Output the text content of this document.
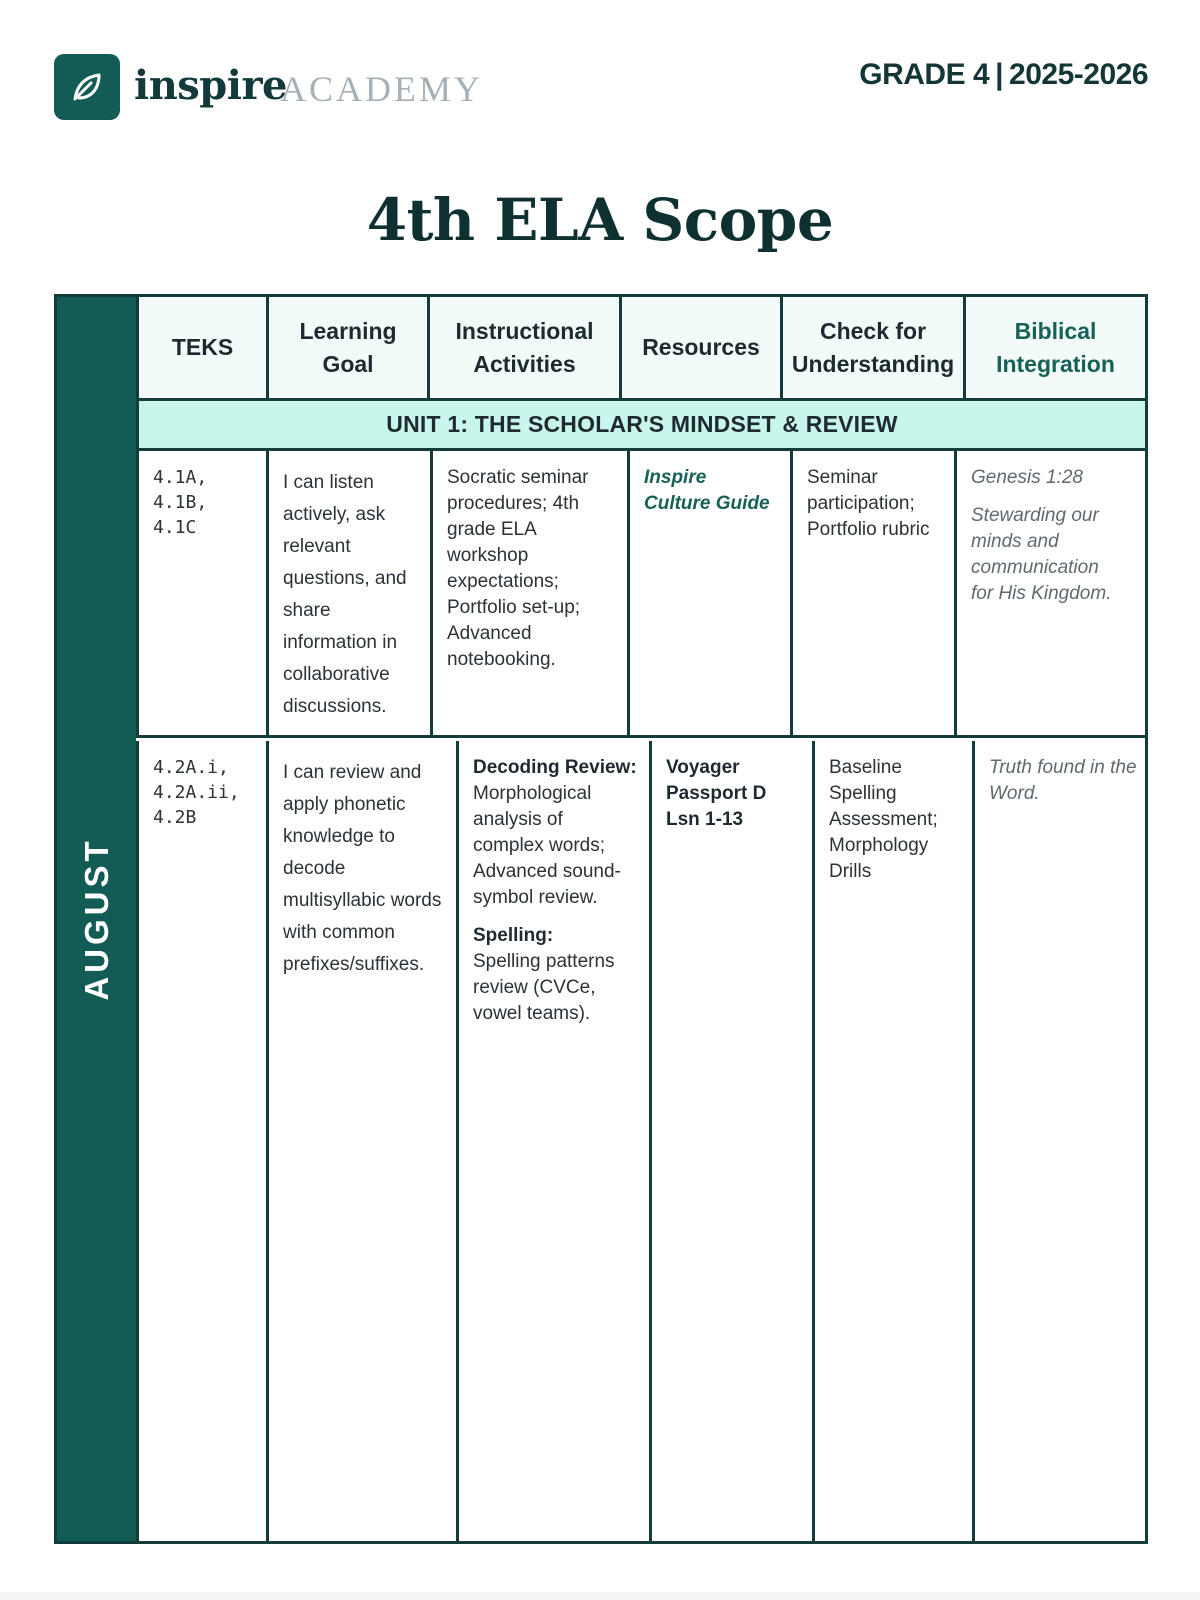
inspire
ACADEMY	GRADE 4 | 2025-2026
4th ELA Scope
AUGUST
TEKS
Learning
Goal
Instructional
Activities
Resources
Check for
Understanding
Biblical
Integration
UNIT 1: THE SCHOLAR'S MINDSET & REVIEW
4.1A,
4.1B,
4.1C
I can listen actively, ask relevant questions, and share information in collaborative discussions.
Socratic seminar procedures; 4th grade ELA workshop expectations; Portfolio set-up; Advanced notebooking.
Inspire Culture Guide
Seminar participation; Portfolio rubric
Genesis 1:28
Stewarding our minds and communication for His Kingdom.
4.2A.i,
4.2A.ii,
4.2B
I can review and apply phonetic knowledge to decode multisyllabic words with common prefixes/suffixes.
Decoding Review:
Morphological analysis of complex words; Advanced sound-symbol review.
Spelling:
Spelling patterns review (CVCe, vowel teams).
Voyager Passport D Lsn 1-13
Baseline Spelling Assessment; Morphology Drills
Truth found in the Word.
